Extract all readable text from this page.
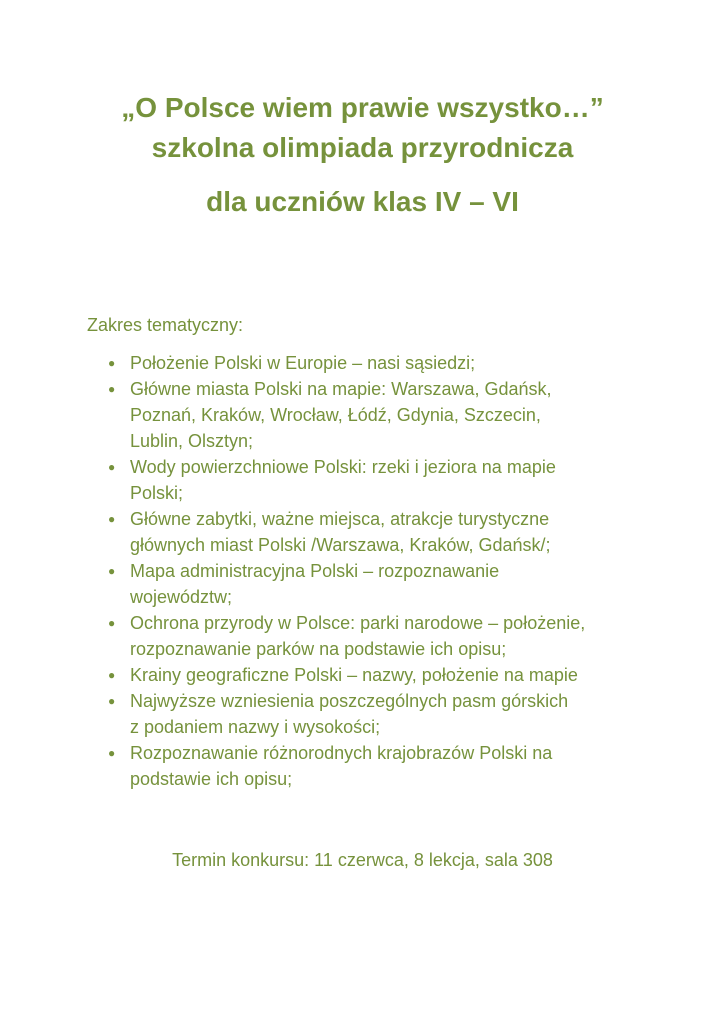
„O Polsce wiem prawie wszystko…”
szkolna olimpiada przyrodnicza
dla uczniów klas IV – VI
Zakres tematyczny:
● Położenie Polski w Europie – nasi sąsiedzi;
● Główne miasta Polski na mapie: Warszawa, Gdańsk,
Poznań, Kraków, Wrocław, Łódź, Gdynia, Szczecin,
Lublin, Olsztyn;
● Wody powierzchniowe Polski: rzeki i jeziora na mapie
Polski;
● Główne zabytki, ważne miejsca, atrakcje turystyczne
głównych miast Polski /Warszawa, Kraków, Gdańsk/;
● Mapa administracyjna Polski – rozpoznawanie
województw;
● Ochrona przyrody w Polsce: parki narodowe – położenie,
rozpoznawanie parków na podstawie ich opisu;
● Krainy geograficzne Polski – nazwy, położenie na mapie
● Najwyższe wzniesienia poszczególnych pasm górskich
z podaniem nazwy i wysokości;
● Rozpoznawanie różnorodnych krajobrazów Polski na
podstawie ich opisu;
Termin konkursu: 11 czerwca, 8 lekcja, sala 308
